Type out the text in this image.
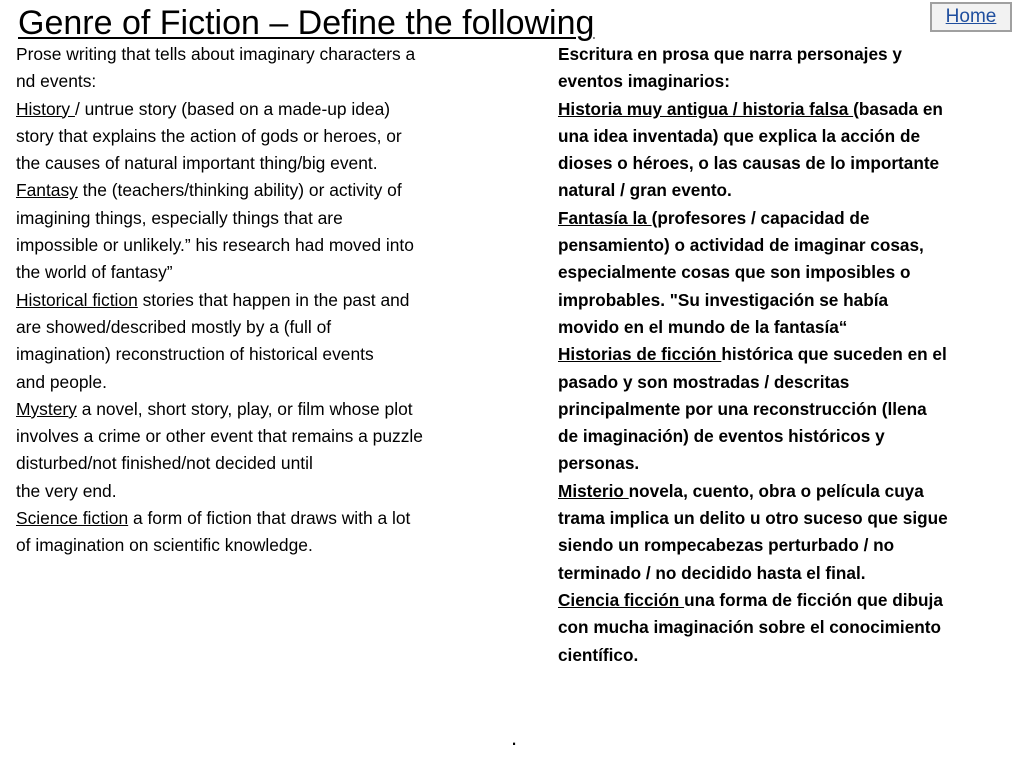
Genre of Fiction – Define the following	Home
Prose writing that tells about imaginary characters a
nd events:
History / untrue story (based on a made-up idea)
story that explains the action of gods or heroes, or
the causes of natural important thing/big event.
Fantasy the (teachers/thinking ability) or activity of
imagining things, especially things that are
impossible or unlikely.” his research had moved into
the world of fantasy”
Historical fiction stories that happen in the past and
are showed/described mostly by a (full of
imagination) reconstruction of historical events
and people.
Mystery a novel, short story, play, or film whose plot
involves a crime or other event that remains a puzzle
disturbed/not finished/not decided until
the very end.
Science fiction a form of fiction that draws with a lot
of imagination on scientific knowledge.
Escritura en prosa que narra personajes y
eventos imaginarios:
Historia muy antigua / historia falsa (basada en
una idea inventada) que explica la acción de
dioses o héroes, o las causas de lo importante
natural / gran evento.
Fantasía la (profesores / capacidad de
pensamiento) o actividad de imaginar cosas,
especialmente cosas que son imposibles o
improbables. "Su investigación se había
movido en el mundo de la fantasía“
Historias de ficción histórica que suceden en el
pasado y son mostradas / descritas
principalmente por una reconstrucción (llena
de imaginación) de eventos históricos y
personas.
Misterio novela, cuento, obra o película cuya
trama implica un delito u otro suceso que sigue
siendo un rompecabezas perturbado / no
terminado / no decidido hasta el final.
Ciencia ficción una forma de ficción que dibuja
con mucha imaginación sobre el conocimiento
científico.
.
